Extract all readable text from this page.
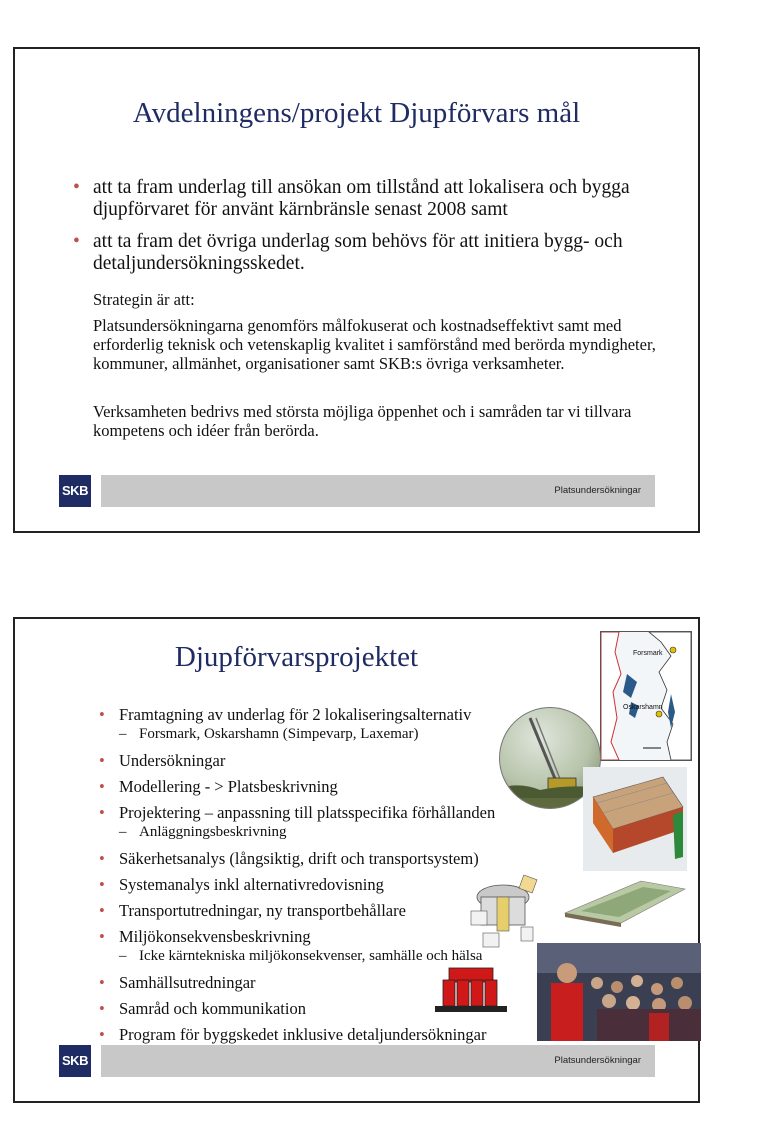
Avdelningens/projekt Djupförvars mål
• att ta fram underlag till ansökan om tillstånd att lokalisera och bygga djupförvaret för använt kärnbränsle senast 2008 samt
• att ta fram det övriga underlag som behövs för att initiera bygg- och detaljundersökningsskedet.

Strategin är att:

Platsundersökningarna genomförs målfokuserat och kostnadseffektivt samt med erforderlig teknisk och vetenskaplig kvalitet i samförstånd med berörda myndigheter, kommuner, allmänhet, organisationer samt SKB:s övriga verksamheter.

Verksamheten bedrivs med största möjliga öppenhet och i samråden tar vi tillvara kompetens och idéer från berörda.

SKB	Platsundersökningar
Djupförvarsprojektet
• Framtagning av underlag för 2 lokaliseringsalternativ
– Forsmark, Oskarshamn (Simpevarp, Laxemar)
• Undersökningar
• Modellering - > Platsbeskrivning
• Projektering – anpassning till platsspecifika förhållanden
– Anläggningsbeskrivning
• Säkerhetsanalys (långsiktig, drift och transportsystem)
• Systemanalys inkl alternativredovisning
• Transportutredningar, ny transportbehållare
• Miljökonsekvensbeskrivning
– Icke kärntekniska miljökonsekvenser, samhälle och hälsa
• Samhällsutredningar
• Samråd och kommunikation
• Program för byggskedet inklusive detaljundersökningar
Forsmark
Oskarshamn
SKB	Platsundersökningar
